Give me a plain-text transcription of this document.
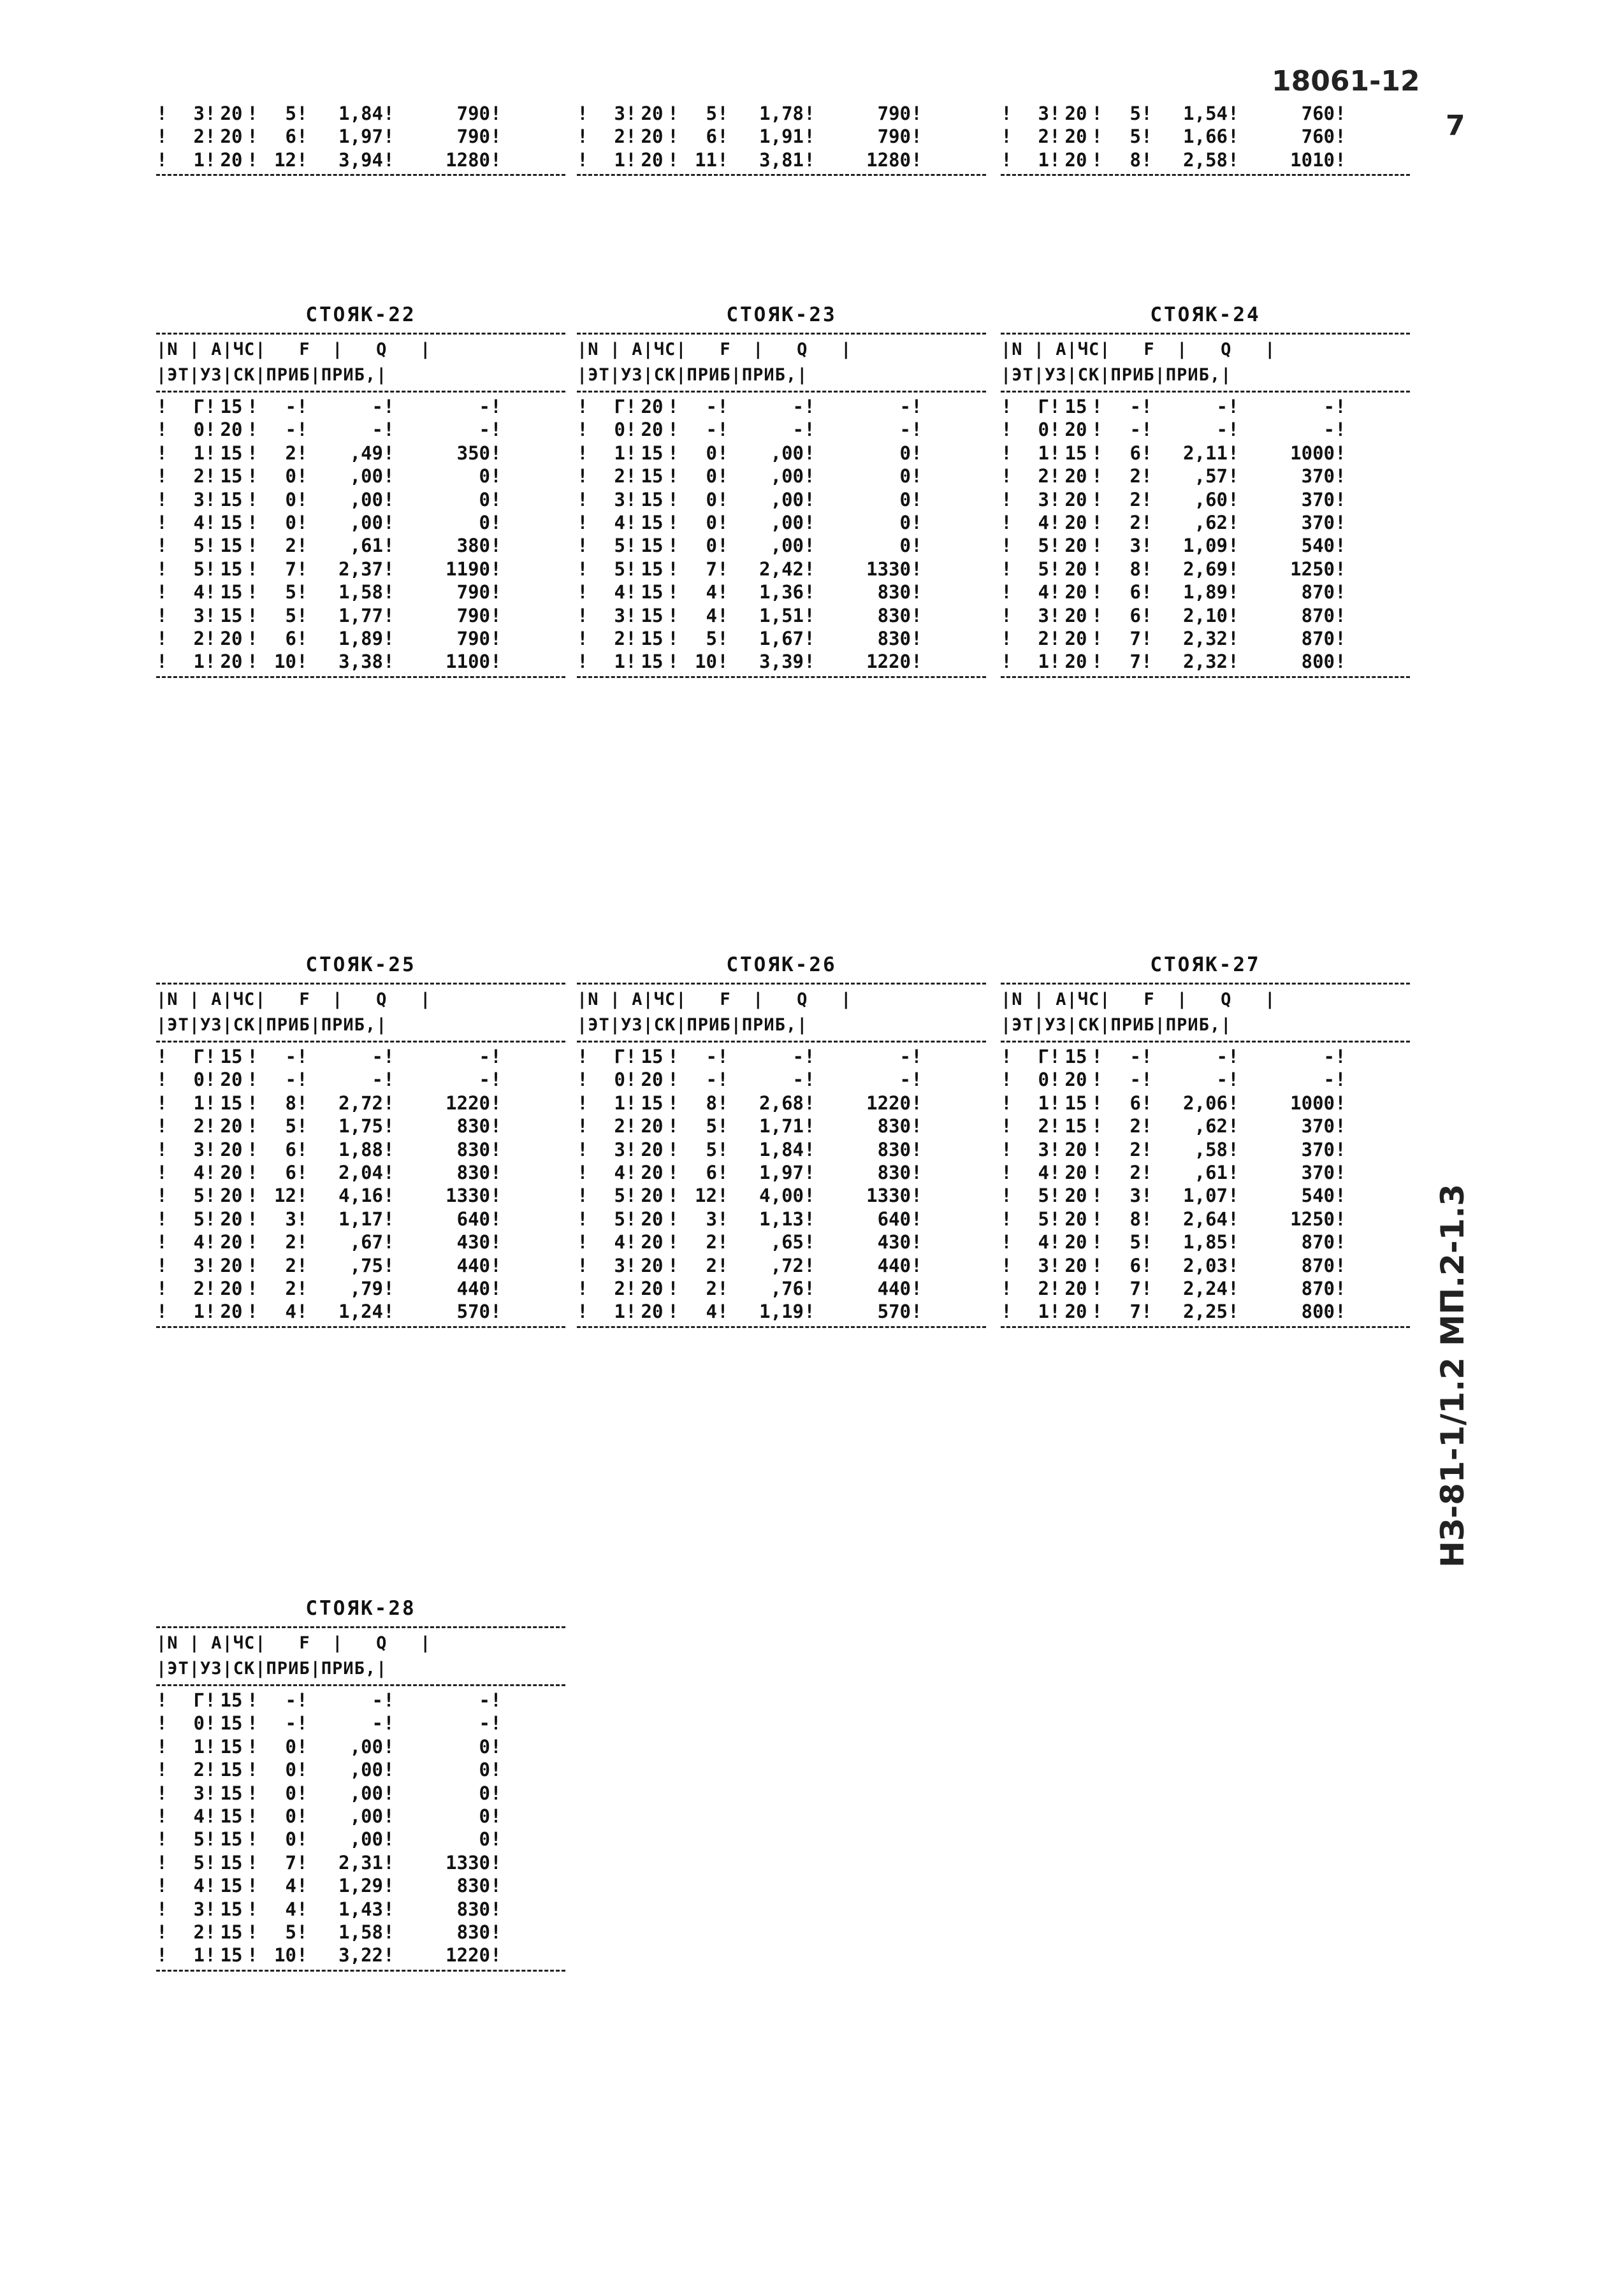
18061-12
7
НЗ-81-1/1.2 МП.2-1.3
!	3 ! 20 !	5 !	1,84 !	790 !
!	2 ! 20 !	6 !	1,97 !	790 !
!	1 ! 20 ! 12 !	3,94 !	1280 !
!	3 ! 20 !	5 !	1,78 !	790 !
!	2 ! 20 !	6 !	1,91 !	790 !
!	1 ! 20 ! 11 !	3,81 !	1280 !
!	3 ! 20 !	5 !	1,54 !	760 !
!	2 ! 20 !	5 !	1,66 !	760 !
!	1 ! 20 !	8 !	2,58 !	1010 !
СТОЯК-22
|N | А|ЧС|   F  |   Q   |
|ЭТ|УЗ|СК|ПРИБ|ПРИБ,|
!	Г ! 15 !	- !	- !	- !
!	0 ! 20 !	- !	- !	- !
!	1 ! 15 !	2 !	,49 !	350 !
!	2 ! 15 !	0 !	,00 !	0 !
!	3 ! 15 !	0 !	,00 !	0 !
!	4 ! 15 !	0 !	,00 !	0 !
!	5 ! 15 !	2 !	,61 !	380 !
!	5 ! 15 !	7 !	2,37 !	1190 !
!	4 ! 15 !	5 !	1,58 !	790 !
!	3 ! 15 !	5 !	1,77 !	790 !
!	2 ! 20 !	6 !	1,89 !	790 !
!	1 ! 20 ! 10 !	3,38 !	1100 !
СТОЯК-23
|N | А|ЧС|   F  |   Q   |
|ЭТ|УЗ|СК|ПРИБ|ПРИБ,|
!	Г ! 20 !	- !	- !	- !
!	0 ! 20 !	- !	- !	- !
!	1 ! 15 !	0 !	,00 !	0 !
!	2 ! 15 !	0 !	,00 !	0 !
!	3 ! 15 !	0 !	,00 !	0 !
!	4 ! 15 !	0 !	,00 !	0 !
!	5 ! 15 !	0 !	,00 !	0 !
!	5 ! 15 !	7 !	2,42 !	1330 !
!	4 ! 15 !	4 !	1,36 !	830 !
!	3 ! 15 !	4 !	1,51 !	830 !
!	2 ! 15 !	5 !	1,67 !	830 !
!	1 ! 15 ! 10 !	3,39 !	1220 !
СТОЯК-24
|N | А|ЧС|   F  |   Q   |
|ЭТ|УЗ|СК|ПРИБ|ПРИБ,|
!	Г ! 15 !	- !	- !	- !
!	0 ! 20 !	- !	- !	- !
!	1 ! 15 !	6 !	2,11 !	1000 !
!	2 ! 20 !	2 !	,57 !	370 !
!	3 ! 20 !	2 !	,60 !	370 !
!	4 ! 20 !	2 !	,62 !	370 !
!	5 ! 20 !	3 !	1,09 !	540 !
!	5 ! 20 !	8 !	2,69 !	1250 !
!	4 ! 20 !	6 !	1,89 !	870 !
!	3 ! 20 !	6 !	2,10 !	870 !
!	2 ! 20 !	7 !	2,32 !	870 !
!	1 ! 20 !	7 !	2,32 !	800 !
СТОЯК-25
|N | А|ЧС|   F  |   Q   |
|ЭТ|УЗ|СК|ПРИБ|ПРИБ,|
!	Г ! 15 !	- !	- !	- !
!	0 ! 20 !	- !	- !	- !
!	1 ! 15 !	8 !	2,72 !	1220 !
!	2 ! 20 !	5 !	1,75 !	830 !
!	3 ! 20 !	6 !	1,88 !	830 !
!	4 ! 20 !	6 !	2,04 !	830 !
!	5 ! 20 ! 12 !	4,16 !	1330 !
!	5 ! 20 !	3 !	1,17 !	640 !
!	4 ! 20 !	2 !	,67 !	430 !
!	3 ! 20 !	2 !	,75 !	440 !
!	2 ! 20 !	2 !	,79 !	440 !
!	1 ! 20 !	4 !	1,24 !	570 !
СТОЯК-26
|N | А|ЧС|   F  |   Q   |
|ЭТ|УЗ|СК|ПРИБ|ПРИБ,|
!	Г ! 15 !	- !	- !	- !
!	0 ! 20 !	- !	- !	- !
!	1 ! 15 !	8 !	2,68 !	1220 !
!	2 ! 20 !	5 !	1,71 !	830 !
!	3 ! 20 !	5 !	1,84 !	830 !
!	4 ! 20 !	6 !	1,97 !	830 !
!	5 ! 20 ! 12 !	4,00 !	1330 !
!	5 ! 20 !	3 !	1,13 !	640 !
!	4 ! 20 !	2 !	,65 !	430 !
!	3 ! 20 !	2 !	,72 !	440 !
!	2 ! 20 !	2 !	,76 !	440 !
!	1 ! 20 !	4 !	1,19 !	570 !
СТОЯК-27
|N | А|ЧС|   F  |   Q   |
|ЭТ|УЗ|СК|ПРИБ|ПРИБ,|
!	Г ! 15 !	- !	- !	- !
!	0 ! 20 !	- !	- !	- !
!	1 ! 15 !	6 !	2,06 !	1000 !
!	2 ! 15 !	2 !	,62 !	370 !
!	3 ! 20 !	2 !	,58 !	370 !
!	4 ! 20 !	2 !	,61 !	370 !
!	5 ! 20 !	3 !	1,07 !	540 !
!	5 ! 20 !	8 !	2,64 !	1250 !
!	4 ! 20 !	5 !	1,85 !	870 !
!	3 ! 20 !	6 !	2,03 !	870 !
!	2 ! 20 !	7 !	2,24 !	870 !
!	1 ! 20 !	7 !	2,25 !	800 !
СТОЯК-28
|N | А|ЧС|   F  |   Q   |
|ЭТ|УЗ|СК|ПРИБ|ПРИБ,|
!	Г ! 15 !	- !	- !	- !
!	0 ! 15 !	- !	- !	- !
!	1 ! 15 !	0 !	,00 !	0 !
!	2 ! 15 !	0 !	,00 !	0 !
!	3 ! 15 !	0 !	,00 !	0 !
!	4 ! 15 !	0 !	,00 !	0 !
!	5 ! 15 !	0 !	,00 !	0 !
!	5 ! 15 !	7 !	2,31 !	1330 !
!	4 ! 15 !	4 !	1,29 !	830 !
!	3 ! 15 !	4 !	1,43 !	830 !
!	2 ! 15 !	5 !	1,58 !	830 !
!	1 ! 15 ! 10 !	3,22 !	1220 !
